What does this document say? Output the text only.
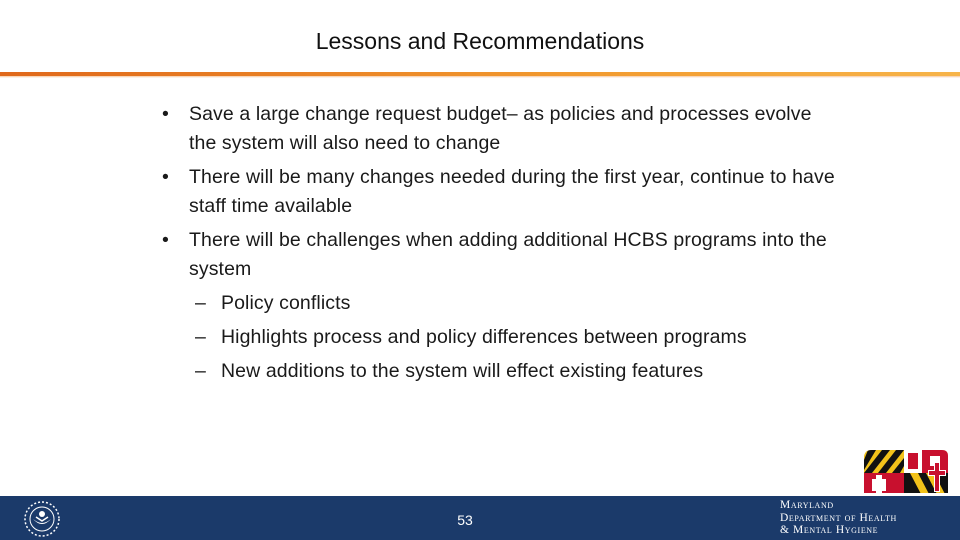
Lessons and Recommendations
• Save a large change request budget– as policies and processes evolve the system will also need to change
• There will be many changes needed during the first year, continue to have staff time available
• There will be challenges when adding additional HCBS programs into the system
– Policy conflicts
– Highlights process and policy differences between programs
– New additions to the system will effect existing features
53
Maryland
Department of Health
& Mental Hygiene
